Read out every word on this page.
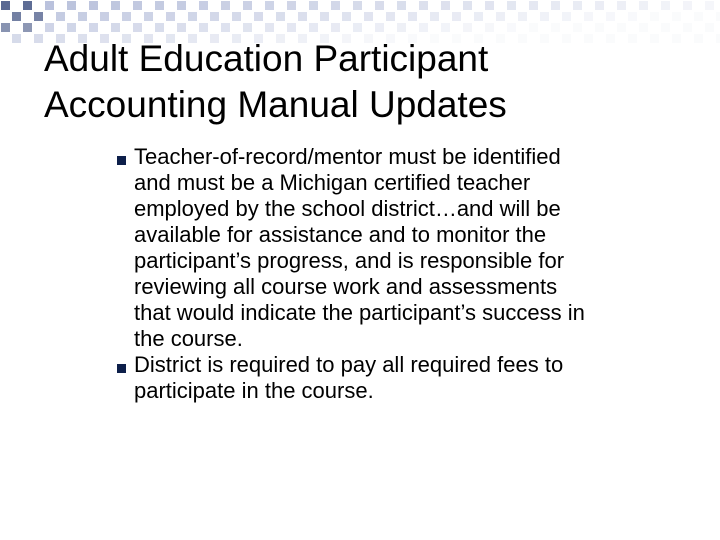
Adult Education Participant
Accounting Manual Updates
Teacher-of-record/mentor must be identified
and must be a Michigan certified teacher
employed by the school district…and will be
available for assistance and to monitor the
participant’s progress, and is responsible for
reviewing all course work and assessments
that would indicate the participant’s success in
the course.
District is required to pay all required fees to
participate in the course.
